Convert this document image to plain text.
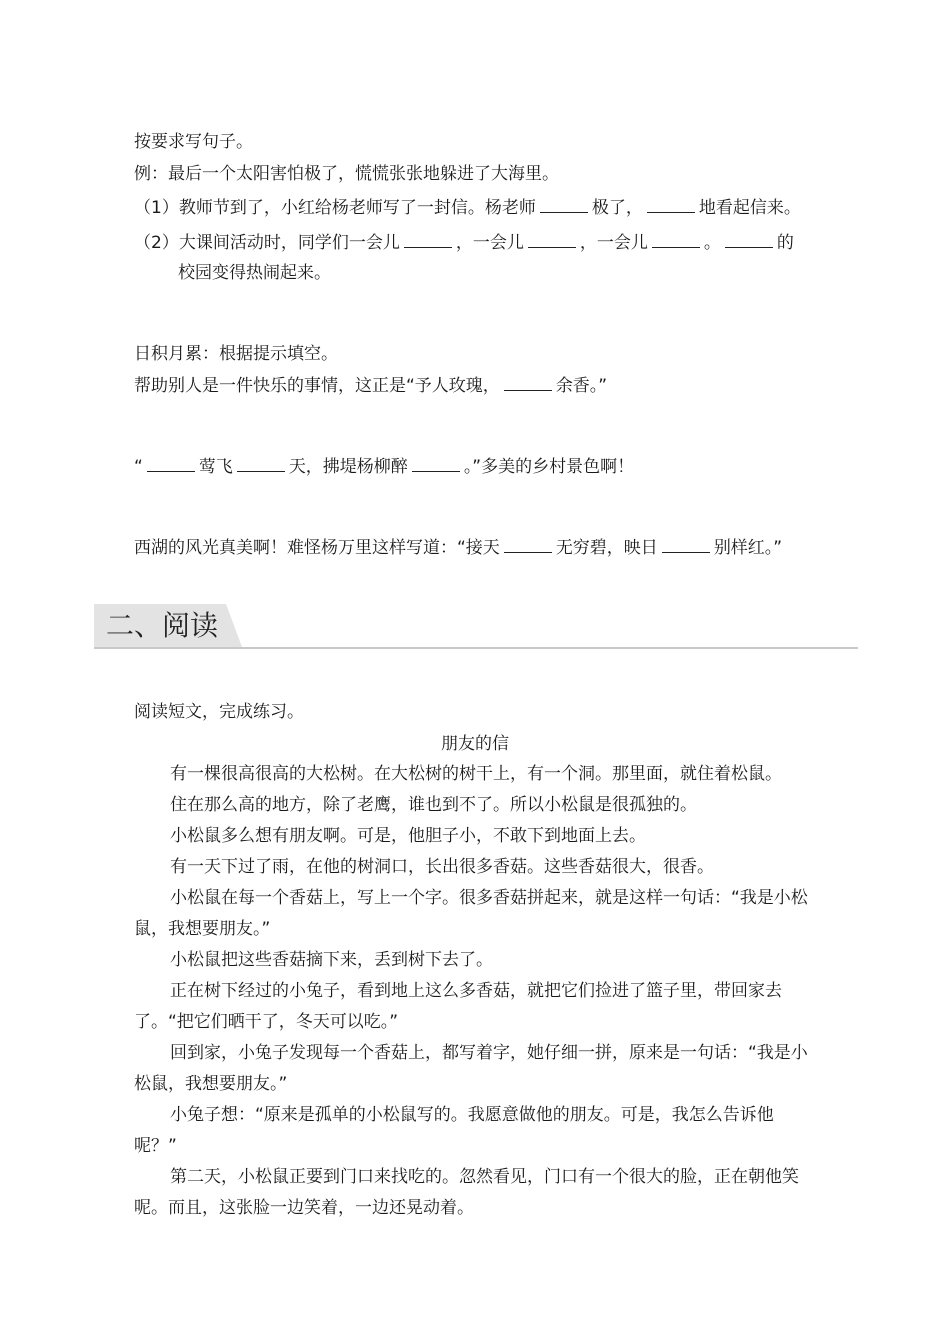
按要求写句子。
例：最后一个太阳害怕极了，慌慌张张地躲进了大海里。
（1）教师节到了，小红给杨老师写了一封信。杨老师	极了，	地看起信来。
（2）大课间活动时，同学们一会儿	，一会儿	，一会儿	。	的
校园变得热闹起来。
日积月累：根据提示填空。
帮助别人是一件快乐的事情，这正是“予人玫瑰，	余香。”
“	莺飞	天，拂堤杨柳醉	。”多美的乡村景色啊！
西湖的风光真美啊！难怪杨万里这样写道：“接天	无穷碧，映日	别样红。”
二、阅读
阅读短文，完成练习。
朋友的信
有一棵很高很高的大松树。在大松树的树干上，有一个洞。那里面，就住着松鼠。
住在那么高的地方，除了老鹰，谁也到不了。所以小松鼠是很孤独的。
小松鼠多么想有朋友啊。可是，他胆子小，不敢下到地面上去。
有一天下过了雨，在他的树洞口，长出很多香菇。这些香菇很大，很香。
小松鼠在每一个香菇上，写上一个字。很多香菇拼起来，就是这样一句话：“我是小松
鼠，我想要朋友。”
小松鼠把这些香菇摘下来，丢到树下去了。
正在树下经过的小兔子，看到地上这么多香菇，就把它们捡进了篮子里，带回家去
了。“把它们晒干了，冬天可以吃。”
回到家，小兔子发现每一个香菇上，都写着字，她仔细一拼，原来是一句话：“我是小
松鼠，我想要朋友。”
小兔子想：“原来是孤单的小松鼠写的。我愿意做他的朋友。可是，我怎么告诉他
呢？”
第二天，小松鼠正要到门口来找吃的。忽然看见，门口有一个很大的脸，正在朝他笑
呢。而且，这张脸一边笑着，一边还晃动着。
